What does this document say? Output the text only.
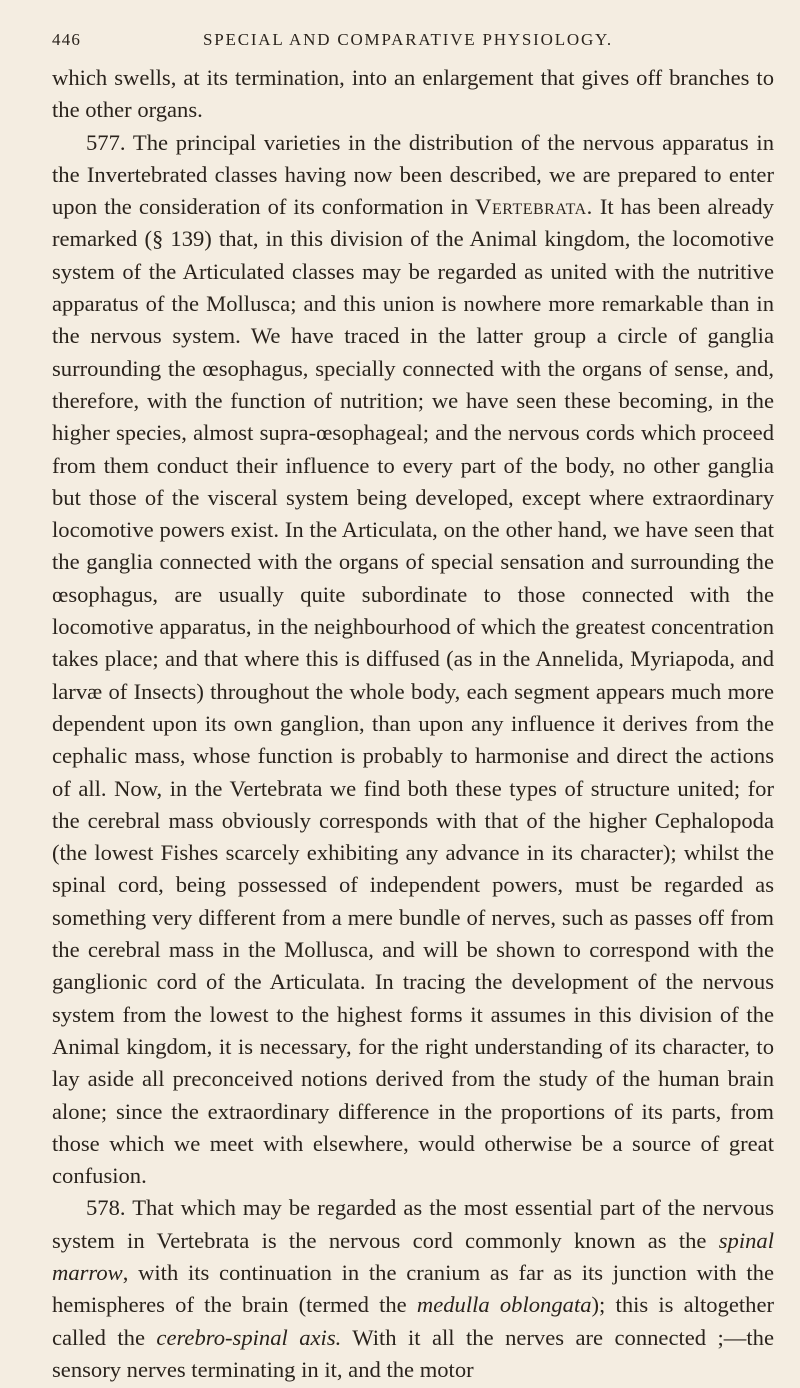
446	SPECIAL AND COMPARATIVE PHYSIOLOGY.

which swells, at its termination, into an enlargement that gives off branches to the other organs.

577. The principal varieties in the distribution of the nervous apparatus in the Invertebrated classes having now been described, we are prepared to enter upon the consideration of its conformation in Vertebrata. It has been already remarked (§ 139) that, in this division of the Animal kingdom, the locomotive system of the Articulated classes may be regarded as united with the nutritive apparatus of the Mollusca; and this union is nowhere more remarkable than in the nervous system. We have traced in the latter group a circle of ganglia surrounding the œsophagus, specially connected with the organs of sense, and, therefore, with the function of nutrition; we have seen these becoming, in the higher species, almost supra-œsophageal; and the nervous cords which proceed from them conduct their influence to every part of the body, no other ganglia but those of the visceral system being developed, except where extraordinary locomotive powers exist. In the Articulata, on the other hand, we have seen that the ganglia connected with the organs of special sensation and surrounding the œsophagus, are usually quite subordinate to those connected with the locomotive apparatus, in the neighbourhood of which the greatest concentration takes place; and that where this is diffused (as in the Annelida, Myriapoda, and larvæ of Insects) throughout the whole body, each segment appears much more dependent upon its own ganglion, than upon any influence it derives from the cephalic mass, whose function is probably to harmonise and direct the actions of all. Now, in the Vertebrata we find both these types of structure united; for the cerebral mass obviously corresponds with that of the higher Cephalopoda (the lowest Fishes scarcely exhibiting any advance in its character); whilst the spinal cord, being possessed of independent powers, must be regarded as something very different from a mere bundle of nerves, such as passes off from the cerebral mass in the Mollusca, and will be shown to correspond with the ganglionic cord of the Articulata. In tracing the development of the nervous system from the lowest to the highest forms it assumes in this division of the Animal kingdom, it is necessary, for the right understanding of its character, to lay aside all preconceived notions derived from the study of the human brain alone; since the extraordinary difference in the proportions of its parts, from those which we meet with elsewhere, would otherwise be a source of great confusion.

578. That which may be regarded as the most essential part of the nervous system in Vertebrata is the nervous cord commonly known as the spinal marrow, with its continuation in the cranium as far as its junction with the hemispheres of the brain (termed the medulla oblongata); this is altogether called the cerebro-spinal axis. With it all the nerves are connected ;—the sensory nerves terminating in it, and the motor
